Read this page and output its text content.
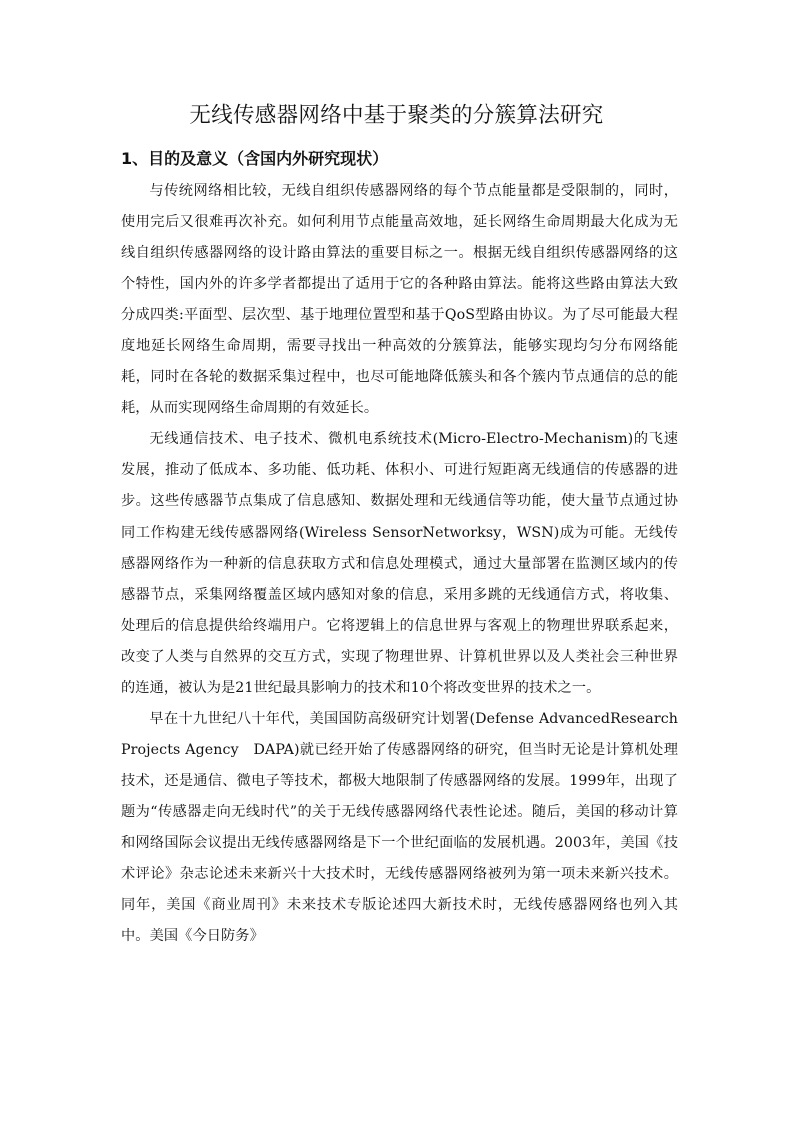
无线传感器网络中基于聚类的分簇算法研究
1、目的及意义（含国内外研究现状）

与传统网络相比较，无线自组织传感器网络的每个节点能量都是受限制的，同时，使用完后又很难再次补充。如何利用节点能量高效地，延长网络生命周期最大化成为无线自组织传感器网络的设计路由算法的重要目标之一。根据无线自组织传感器网络的这个特性，国内外的许多学者都提出了适用于它的各种路由算法。能将这些路由算法大致分成四类:平面型、层次型、基于地理位置型和基于QoS型路由协议。为了尽可能最大程度地延长网络生命周期，需要寻找出一种高效的分簇算法，能够实现均匀分布网络能耗，同时在各轮的数据采集过程中，也尽可能地降低簇头和各个簇内节点通信的总的能耗，从而实现网络生命周期的有效延长。

无线通信技术、电子技术、微机电系统技术(Micro-Electro-Mechanism)的飞速发展，推动了低成本、多功能、低功耗、体积小、可进行短距离无线通信的传感器的进步。这些传感器节点集成了信息感知、数据处理和无线通信等功能，使大量节点通过协同工作构建无线传感器网络(Wireless SensorNetworksy，WSN)成为可能。无线传感器网络作为一种新的信息获取方式和信息处理模式，通过大量部署在监测区域内的传感器节点，采集网络覆盖区域内感知对象的信息，采用多跳的无线通信方式，将收集、处理后的信息提供给终端用户。它将逻辑上的信息世界与客观上的物理世界联系起来，改变了人类与自然界的交互方式，实现了物理世界、计算机世界以及人类社会三种世界的连通，被认为是21世纪最具影响力的技术和10个将改变世界的技术之一。

早在十九世纪八十年代，美国国防高级研究计划署(Defense AdvancedResearch Projects Agency　DAPA)就已经开始了传感器网络的研究，但当时无论是计算机处理技术，还是通信、微电子等技术，都极大地限制了传感器网络的发展。1999年，出现了题为“传感器走向无线时代”的关于无线传感器网络代表性论述。随后，美国的移动计算和网络国际会议提出无线传感器网络是下一个世纪面临的发展机遇。2003年，美国《技术评论》杂志论述未来新兴十大技术时，无线传感器网络被列为第一项未来新兴技术。同年，美国《商业周刊》未来技术专版论述四大新技术时，无线传感器网络也列入其中。美国《今日防务》
